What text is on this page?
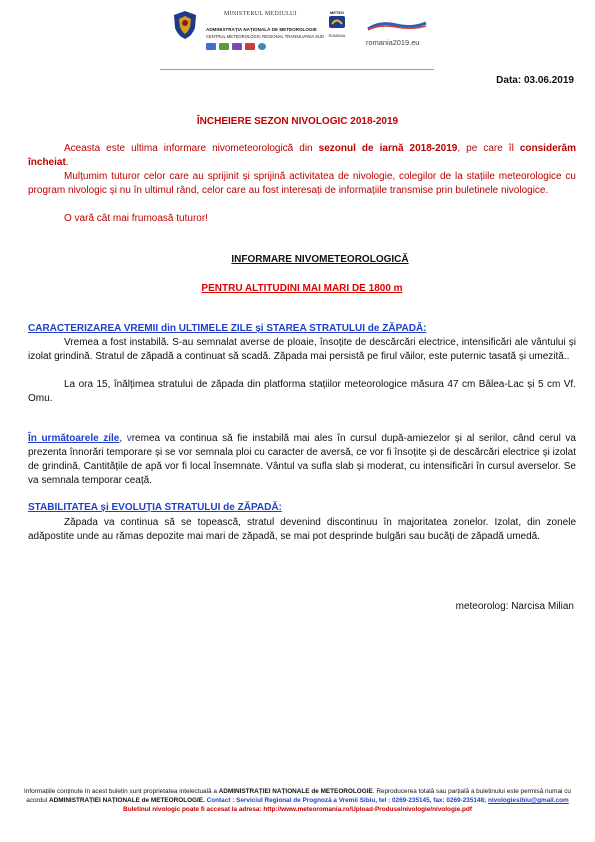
MINISTERUL MEDIULUI
ADMINISTRAȚIA NAȚIONALĂ DE METEOROLOGIE
CENTRUL METEOROLOGIC REGIONAL TRANSILVANIA SUD
METEO
ROMANIA
romania2019.eu
Data: 03.06.2019
ÎNCHEIERE SEZON NIVOLOGIC 2018-2019

Aceasta este ultima informare nivometeorologică din sezonul de iarnă 2018-2019, pe care îl considerăm încheiat.

Mulțumim tuturor celor care au sprijinit și sprijină activitatea de nivologie, colegilor de la stațiile meteorologice cu program nivologic și nu în ultimul rând, celor care au fost interesați de informațiile transmise prin buletinele nivologice.

O vară cât mai frumoasă tuturor!

INFORMARE NIVOMETEOROLOGICĂ
PENTRU ALTITUDINI MAI MARI DE 1800 m
CARACTERIZAREA VREMII din ULTIMELE ZILE și STAREA STRATULUI de ZĂPADĂ:

Vremea a fost instabilă. S-au semnalat averse de ploaie, însoțite de descărcări electrice, intensificări ale vântului și izolat grindină. Stratul de zăpadă a continuat să scadă. Zăpada mai persistă pe firul văilor, este puternic tasată și umezită..

La ora 15, înălțimea stratului de zăpada din platforma stațiilor meteorologice măsura 47 cm Bâlea-Lac și 5 cm Vf. Omu.

În următoarele zile, vremea va continua să fie instabilă mai ales în cursul după-amiezelor și al serilor, când cerul va prezenta înnorări temporare și se vor semnala ploi cu caracter de aversă, ce vor fi însoțite și de descărcări electrice și izolat de grindină. Cantitățile de apă vor fi local însemnate. Vântul va sufla slab și moderat, cu intensificări în cursul averselor. Se va semnala temporar ceață.

STABILITATEA și EVOLUȚIA STRATULUI de ZĂPADĂ:

Zăpada va continua să se topească, stratul devenind discontinuu în majoritatea zonelor. Izolat, din zonele adăpostite unde au rămas depozite mai mari de zăpadă, se mai pot desprinde bulgări sau bucăți de zăpadă umedă.

meteorolog: Narcisa Milian

Informațiile conținute în acest buletin sunt proprietatea intelectuală a ADMINISTRAȚIEI NAȚIONALE de METEOROLOGIE. Reproducerea totală sau parțială a buletinului este permisă numai cu acordul ADMINISTRAȚIEI NAȚIONALE de METEOROLOGIE. Contact : Serviciul Regional de Prognoză a Vremii Sibiu, tel : 0269-235145, fax: 0269-235148; nivologiesibiu@gmail.com
Buletinul nivologic poate fi accesat la adresa: http://www.meteoromania.ro/Upload-Produse/nivologie/nivologie.pdf
